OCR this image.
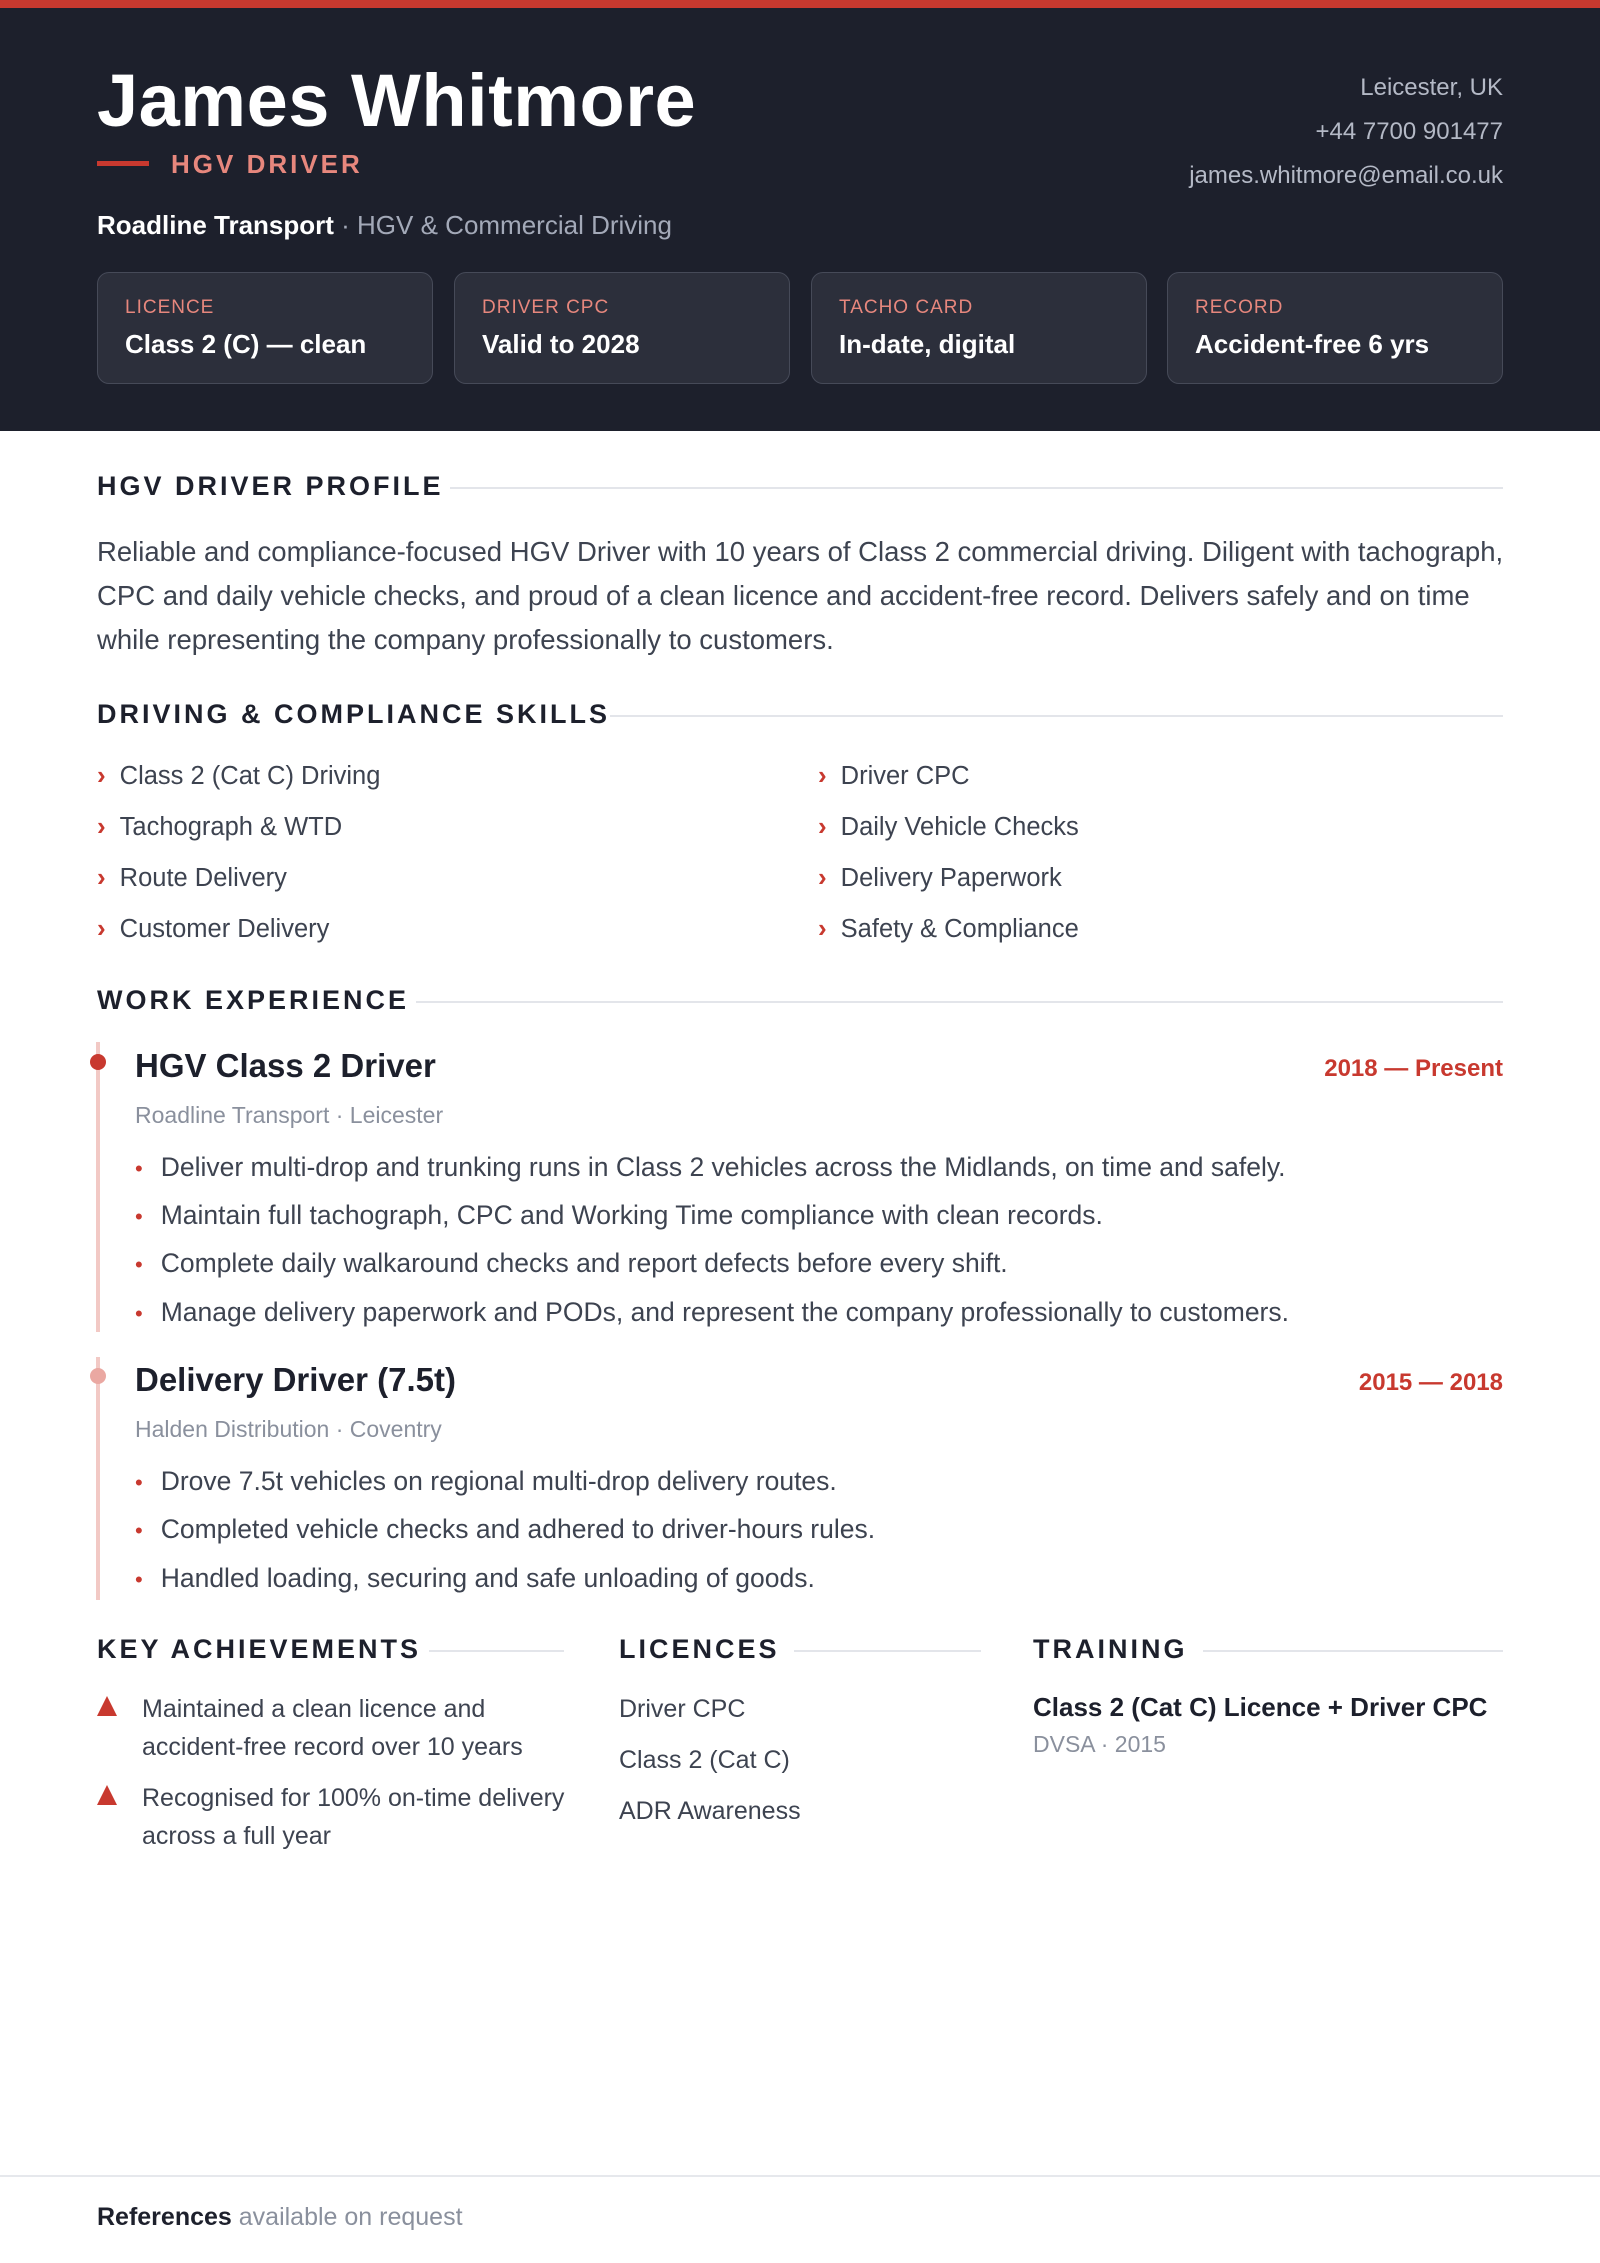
James Whitmore
HGV DRIVER
Roadline Transport · HGV & Commercial Driving
Leicester, UK
+44 7700 901477
james.whitmore@email.co.uk
LICENCE
Class 2 (C) — clean
DRIVER CPC
Valid to 2028
TACHO CARD
In-date, digital
RECORD
Accident-free 6 yrs
HGV DRIVER PROFILE
Reliable and compliance-focused HGV Driver with 10 years of Class 2 commercial driving. Diligent with tachograph, CPC and daily vehicle checks, and proud of a clean licence and accident-free record. Delivers safely and on time while representing the company professionally to customers.
DRIVING & COMPLIANCE SKILLS
› Class 2 (Cat C) Driving	› Driver CPC
› Tachograph & WTD	› Daily Vehicle Checks
› Route Delivery	› Delivery Paperwork
› Customer Delivery	› Safety & Compliance
WORK EXPERIENCE
HGV Class 2 Driver	2018 — Present
Roadline Transport · Leicester
• Deliver multi-drop and trunking runs in Class 2 vehicles across the Midlands, on time and safely.
• Maintain full tachograph, CPC and Working Time compliance with clean records.
• Complete daily walkaround checks and report defects before every shift.
• Manage delivery paperwork and PODs, and represent the company professionally to customers.
Delivery Driver (7.5t)	2015 — 2018
Halden Distribution · Coventry
• Drove 7.5t vehicles on regional multi-drop delivery routes.
• Completed vehicle checks and adhered to driver-hours rules.
• Handled loading, securing and safe unloading of goods.
KEY ACHIEVEMENTS
Maintained a clean licence and accident-free record over 10 years
Recognised for 100% on-time delivery across a full year
LICENCES
Driver CPC
Class 2 (Cat C)
ADR Awareness
TRAINING
Class 2 (Cat C) Licence + Driver CPC
DVSA · 2015
References available on request
